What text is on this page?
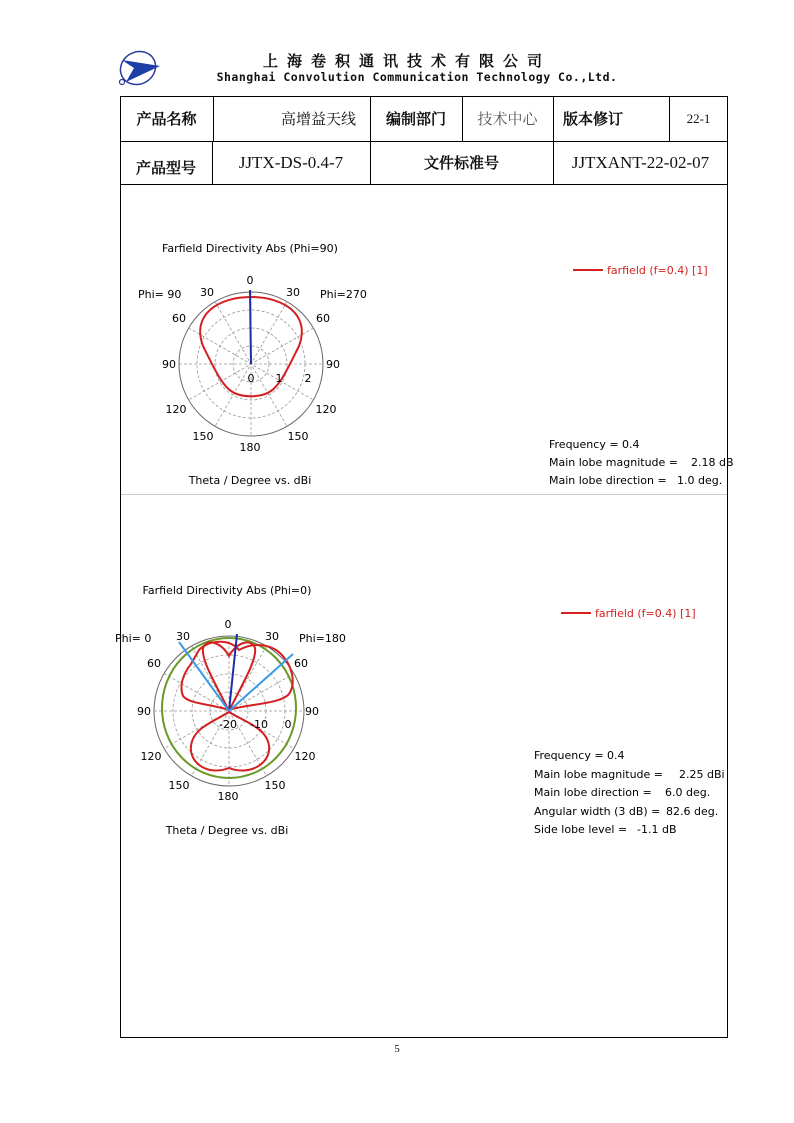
上海卷积通讯技术有限公司
Shanghai Convolution Communication Technology Co.,Ltd.
产品名称	高增益天线	编制部门	技术中心	版本修订	22-1
产品型号	JJTX-DS-0.4-7	文件标准号	JJTXANT-22-02-07
Farfield Directivity Abs (Phi=90)
0
30	30
60	60
90	90
120	120
150	150
180
0 1 2
Phi= 90	Phi=270
Theta / Degree vs. dBi
farfield (f=0.4) [1]
Frequency = 0.4
Main lobe magnitude = 2.18 dB
Main lobe direction = 1.0 deg.
Farfield Directivity Abs (Phi=0)
0
30	30
60	60
90	90
120	120
150	150
180
-20 -10 0
Phi= 0	Phi=180
Theta / Degree vs. dBi
farfield (f=0.4) [1]
Frequency = 0.4
Main lobe magnitude = 2.25 dBi
Main lobe direction = 6.0 deg.
Angular width (3 dB) = 82.6 deg.
Side lobe level = -1.1 dB
5
